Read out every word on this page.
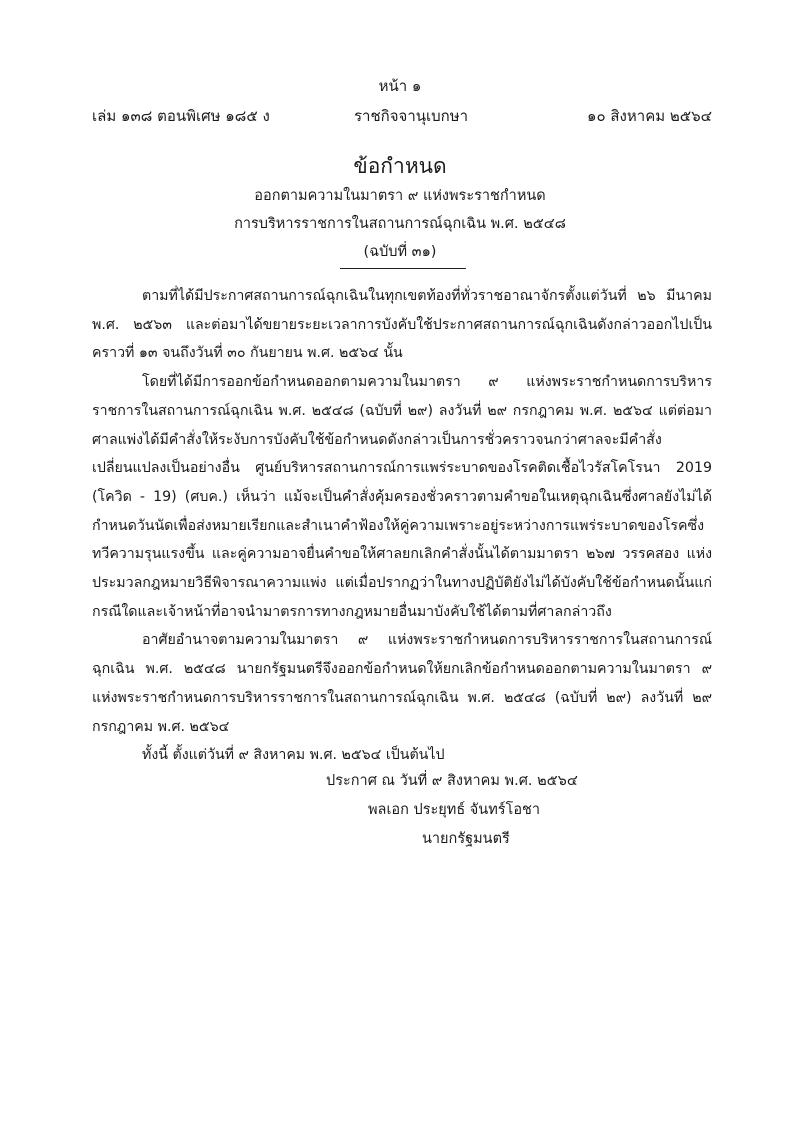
หน้า ๑
เล่ม ๑๓๘ ตอนพิเศษ ๑๘๕ ง	ราชกิจจานุเบกษา	๑๐ สิงหาคม ๒๕๖๔
ข้อกำหนด
ออกตามความในมาตรา ๙ แห่งพระราชกำหนด
การบริหารราชการในสถานการณ์ฉุกเฉิน พ.ศ. ๒๕๔๘
(ฉบับที่ ๓๑)

ตามที่ได้มีประกาศสถานการณ์ฉุกเฉินในทุกเขตท้องที่ทั่วราชอาณาจักรตั้งแต่วันที่ ๒๖ มีนาคม พ.ศ. ๒๕๖๓ และต่อมาได้ขยายระยะเวลาการบังคับใช้ประกาศสถานการณ์ฉุกเฉินดังกล่าวออกไปเป็นคราวที่ ๑๓ จนถึงวันที่ ๓๐ กันยายน พ.ศ. ๒๕๖๔ นั้น

โดยที่ได้มีการออกข้อกำหนดออกตามความในมาตรา ๙ แห่งพระราชกำหนดการบริหารราชการในสถานการณ์ฉุกเฉิน พ.ศ. ๒๕๔๘ (ฉบับที่ ๒๙) ลงวันที่ ๒๙ กรกฎาคม พ.ศ. ๒๕๖๔ แต่ต่อมาศาลแพ่งได้มีคำสั่งให้ระงับการบังคับใช้ข้อกำหนดดังกล่าวเป็นการชั่วคราวจนกว่าศาลจะมีคำสั่งเปลี่ยนแปลงเป็นอย่างอื่น ศูนย์บริหารสถานการณ์การแพร่ระบาดของโรคติดเชื้อไวรัสโคโรนา 2019 (โควิด - 19) (ศบค.) เห็นว่า แม้จะเป็นคำสั่งคุ้มครองชั่วคราวตามคำขอในเหตุฉุกเฉินซึ่งศาลยังไม่ได้กำหนดวันนัดเพื่อส่งหมายเรียกและสำเนาคำฟ้องให้คู่ความเพราะอยู่ระหว่างการแพร่ระบาดของโรคซึ่งทวีความรุนแรงขึ้น และคู่ความอาจยื่นคำขอให้ศาลยกเลิกคำสั่งนั้นได้ตามมาตรา ๒๖๗ วรรคสอง แห่งประมวลกฎหมายวิธีพิจารณาความแพ่ง แต่เมื่อปรากฏว่าในทางปฏิบัติยังไม่ได้บังคับใช้ข้อกำหนดนั้นแก่กรณีใดและเจ้าหน้าที่อาจนำมาตรการทางกฎหมายอื่นมาบังคับใช้ได้ตามที่ศาลกล่าวถึง

อาศัยอำนาจตามความในมาตรา ๙ แห่งพระราชกำหนดการบริหารราชการในสถานการณ์ฉุกเฉิน พ.ศ. ๒๕๔๘ นายกรัฐมนตรีจึงออกข้อกำหนดให้ยกเลิกข้อกำหนดออกตามความในมาตรา ๙ แห่งพระราชกำหนดการบริหารราชการในสถานการณ์ฉุกเฉิน พ.ศ. ๒๕๔๘ (ฉบับที่ ๒๙) ลงวันที่ ๒๙ กรกฎาคม พ.ศ. ๒๕๖๔

ทั้งนี้ ตั้งแต่วันที่ ๙ สิงหาคม พ.ศ. ๒๕๖๔ เป็นต้นไป

ประกาศ ณ วันที่ ๙ สิงหาคม พ.ศ. ๒๕๖๔
พลเอก ประยุทธ์ จันทร์โอชา
นายกรัฐมนตรี
